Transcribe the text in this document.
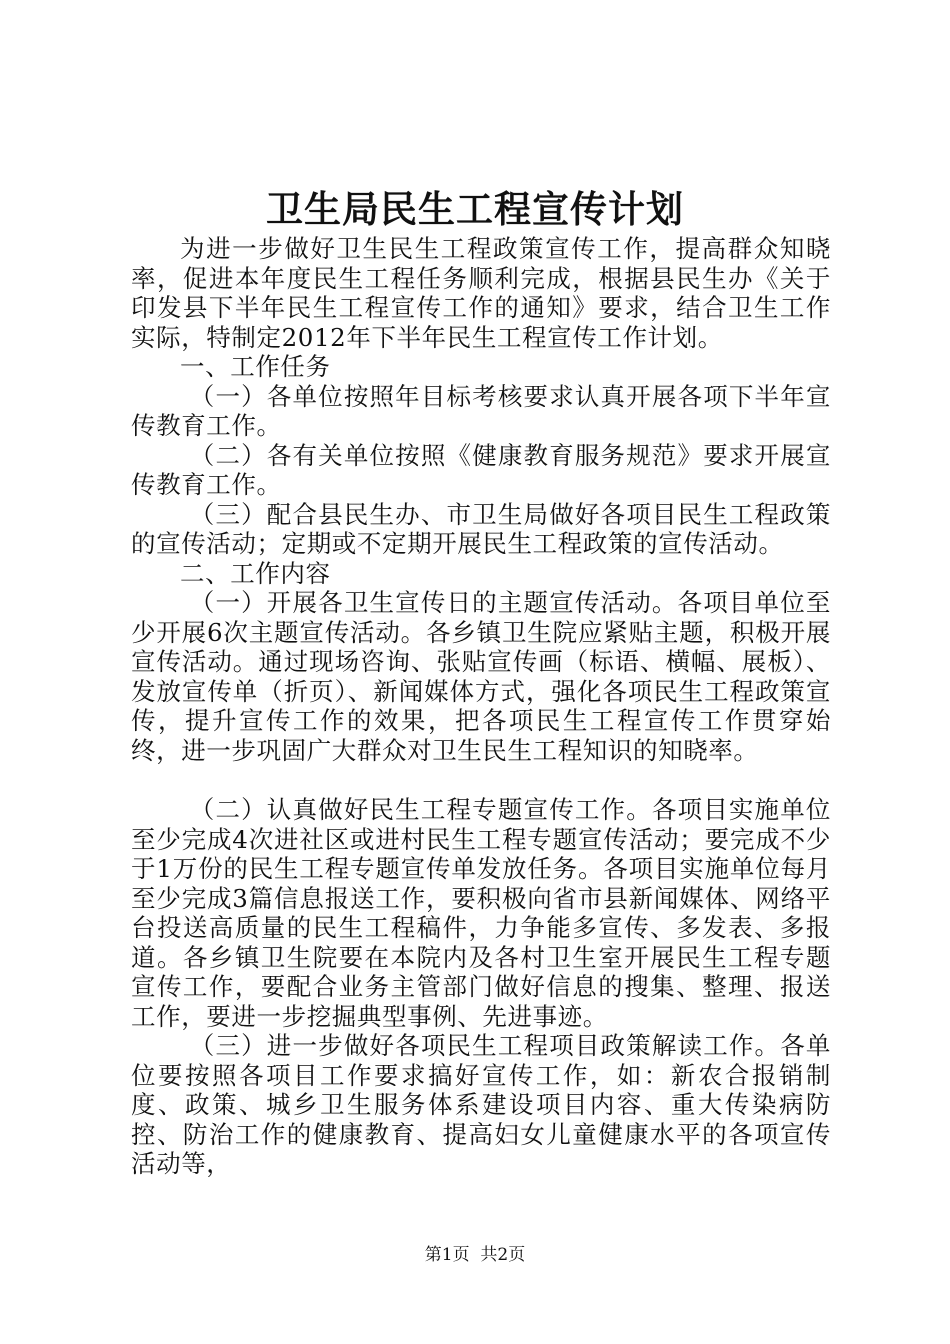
卫生局民生工程宣传计划

为进一步做好卫生民生工程政策宣传工作，提高群众知晓率，促进本年度民生工程任务顺利完成，根据县民生办《关于印发县下半年民生工程宣传工作的通知》要求，结合卫生工作实际，特制定2012年下半年民生工程宣传工作计划。

一、工作任务

（一）各单位按照年目标考核要求认真开展各项下半年宣传教育工作。

（二）各有关单位按照《健康教育服务规范》要求开展宣传教育工作。

（三）配合县民生办、市卫生局做好各项目民生工程政策的宣传活动；定期或不定期开展民生工程政策的宣传活动。

二、工作内容

（一）开展各卫生宣传日的主题宣传活动。各项目单位至少开展6次主题宣传活动。各乡镇卫生院应紧贴主题，积极开展宣传活动。通过现场咨询、张贴宣传画（标语、横幅、展板）、发放宣传单（折页）、新闻媒体方式，强化各项民生工程政策宣传，提升宣传工作的效果，把各项民生工程宣传工作贯穿始终，进一步巩固广大群众对卫生民生工程知识的知晓率。

（二）认真做好民生工程专题宣传工作。各项目实施单位至少完成4次进社区或进村民生工程专题宣传活动；要完成不少于1万份的民生工程专题宣传单发放任务。各项目实施单位每月至少完成3篇信息报送工作，要积极向省市县新闻媒体、网络平台投送高质量的民生工程稿件，力争能多宣传、多发表、多报道。各乡镇卫生院要在本院内及各村卫生室开展民生工程专题宣传工作，要配合业务主管部门做好信息的搜集、整理、报送工作，要进一步挖掘典型事例、先进事迹。

（三）进一步做好各项民生工程项目政策解读工作。各单位要按照各项目工作要求搞好宣传工作，如：新农合报销制度、政策、城乡卫生服务体系建设项目内容、重大传染病防控、防治工作的健康教育、提高妇女儿童健康水平的各项宣传活动等，

第1页  共2页
